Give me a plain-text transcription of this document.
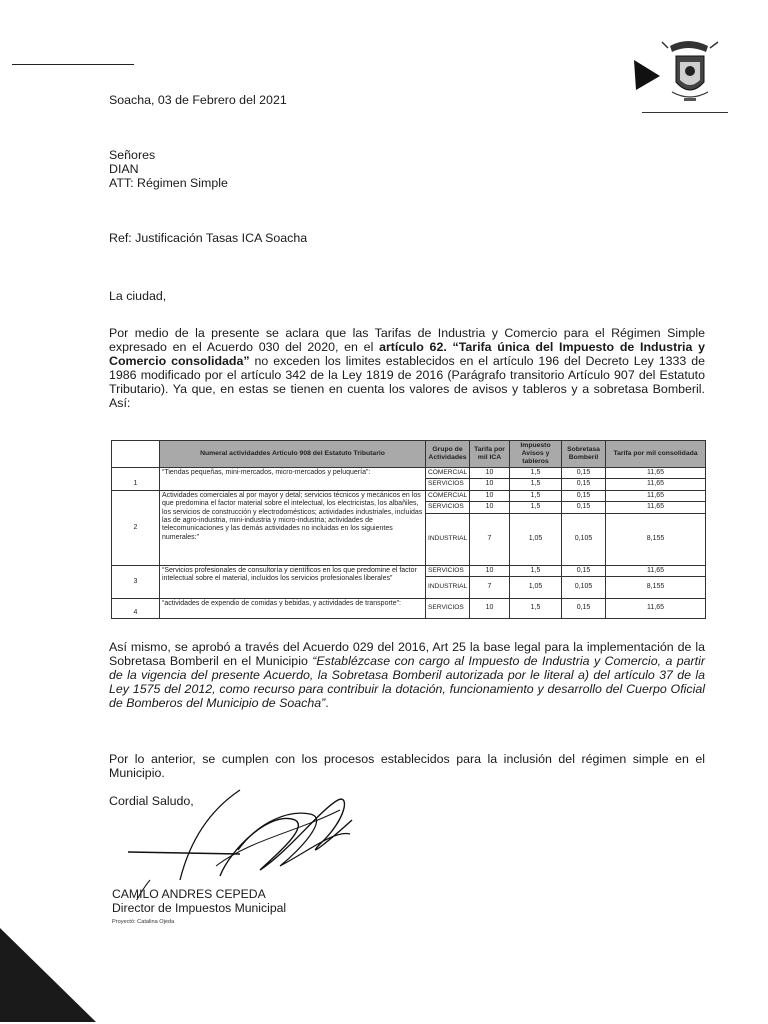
Soacha, 03 de Febrero del 2021
Señores
DIAN
ATT: Régimen Simple
Ref: Justificación Tasas ICA Soacha
La ciudad,
Por medio de la presente se aclara que las Tarifas de Industria y Comercio para el Régimen Simple expresado en el Acuerdo 030 del 2020, en el artículo 62. “Tarifa única del Impuesto de Industria y Comercio consolidada” no exceden los limites establecidos en el artículo 196 del Decreto Ley 1333 de 1986 modificado por el artículo 342 de la Ley 1819 de 2016 (Parágrafo transitorio Artículo 907 del Estatuto Tributario). Ya que, en estas se tienen en cuenta los valores de avisos y tableros y a sobretasa Bomberil. Así:
	Numeral actividaddes Articulo 908 del Estatuto Tributario	Grupo de Actividades	Tarifa por mil ICA	Impuesto Avisos y tableros	Sobretasa Bomberil	Tarifa por mil consolidada
1	“Tiendas pequeñas, mini-mercados, micro-mercados y peluquería”:	COMERCIAL	10	1,5	0,15	11,65
		SERVICIOS	10	1,5	0,15	11,65
2	Actividades comerciales al por mayor y detal; servicios técnicos y mecánicos en los que predomina el factor material sobre el intelectual, los electricistas, los albañiles, los servicios de construcción y electrodomésticos; actividades industriales, incluidas las de agro-industria, mini-industria y micro-industria; actividades de telecomunicaciones y las demás actividades no incluidas en los siguientes numerales:”	COMERCIAL	10	1,5	0,15	11,65
		SERVICIOS	10	1,5	0,15	11,65
		INDUSTRIAL	7	1,05	0,105	8,155
3	“Servicios profesionales de consultoría y científicos en los que predomine el factor intelectual sobre el material, incluidos los servicios profesionales liberales”	SERVICIOS	10	1,5	0,15	11,65
		INDUSTRIAL	7	1,05	0,105	8,155
4	“actividades de expendio de comidas y bebidas, y actividades de transporte”:	SERVICIOS	10	1,5	0,15	11,65
Así mismo, se aprobó a través del Acuerdo 029 del 2016, Art 25 la base legal para la implementación de la Sobretasa Bomberil en el Municipio “Establézcase con cargo al Impuesto de Industria y Comercio, a partir de la vigencia del presente Acuerdo, la Sobretasa Bomberil autorizada por le literal a) del artículo 37 de la Ley 1575 del 2012, como recurso para contribuir la dotación, funcionamiento y desarrollo del Cuerpo Oficial de Bomberos del Municipio de Soacha”.
Por lo anterior, se cumplen con los procesos establecidos para la inclusión del régimen simple en el Municipio.
Cordial Saludo,
CAMILO ANDRES CEPEDA
Director de Impuestos Municipal
Proyectó: Catalina Ojeda
